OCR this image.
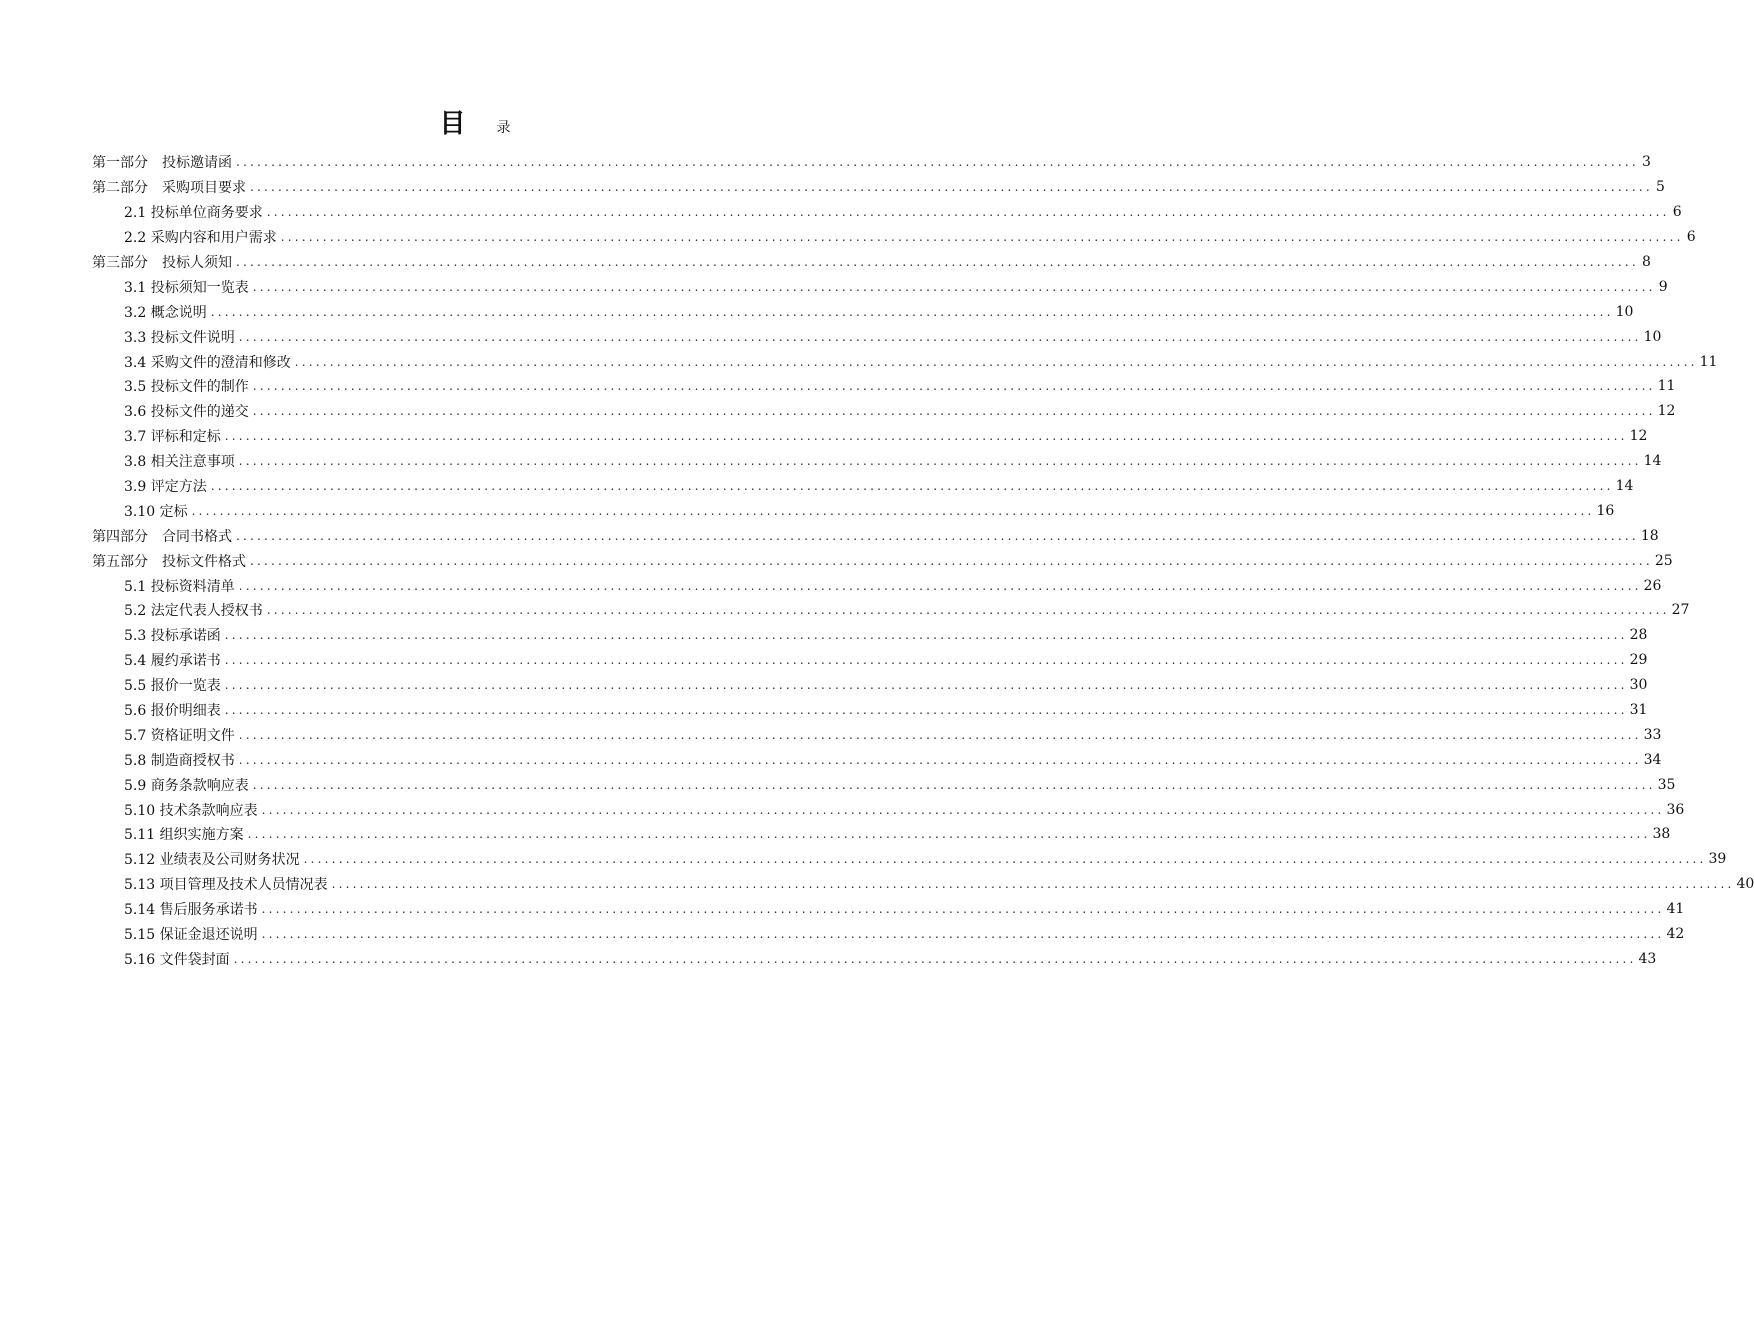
目 录
第一部分　投标邀请函 ........................................................................................................................................................................................................ 3
第二部分　采购项目要求 ........................................................................................................................................................................................................ 5
2.1 投标单位商务要求 ........................................................................................................................................................................................................ 6
2.2 采购内容和用户需求 ........................................................................................................................................................................................................ 6
第三部分　投标人须知 ........................................................................................................................................................................................................ 8
3.1 投标须知一览表 ........................................................................................................................................................................................................ 9
3.2 概念说明 ........................................................................................................................................................................................................ 10
3.3 投标文件说明 ........................................................................................................................................................................................................ 10
3.4 采购文件的澄清和修改 ........................................................................................................................................................................................................ 11
3.5 投标文件的制作 ........................................................................................................................................................................................................ 11
3.6 投标文件的递交 ........................................................................................................................................................................................................ 12
3.7 评标和定标 ........................................................................................................................................................................................................ 12
3.8 相关注意事项 ........................................................................................................................................................................................................ 14
3.9 评定方法 ........................................................................................................................................................................................................ 14
3.10 定标 ........................................................................................................................................................................................................ 16
第四部分　合同书格式 ........................................................................................................................................................................................................ 18
第五部分　投标文件格式 ........................................................................................................................................................................................................ 25
5.1 投标资料清单 ........................................................................................................................................................................................................ 26
5.2 法定代表人授权书 ........................................................................................................................................................................................................ 27
5.3 投标承诺函 ........................................................................................................................................................................................................ 28
5.4 履约承诺书 ........................................................................................................................................................................................................ 29
5.5 报价一览表 ........................................................................................................................................................................................................ 30
5.6 报价明细表 ........................................................................................................................................................................................................ 31
5.7 资格证明文件 ........................................................................................................................................................................................................ 33
5.8 制造商授权书 ........................................................................................................................................................................................................ 34
5.9 商务条款响应表 ........................................................................................................................................................................................................ 35
5.10 技术条款响应表 ........................................................................................................................................................................................................ 36
5.11 组织实施方案 ........................................................................................................................................................................................................ 38
5.12 业绩表及公司财务状况 ........................................................................................................................................................................................................ 39
5.13 项目管理及技术人员情况表 ........................................................................................................................................................................................................ 40
5.14 售后服务承诺书 ........................................................................................................................................................................................................ 41
5.15 保证金退还说明 ........................................................................................................................................................................................................ 42
5.16 文件袋封面 ........................................................................................................................................................................................................ 43
